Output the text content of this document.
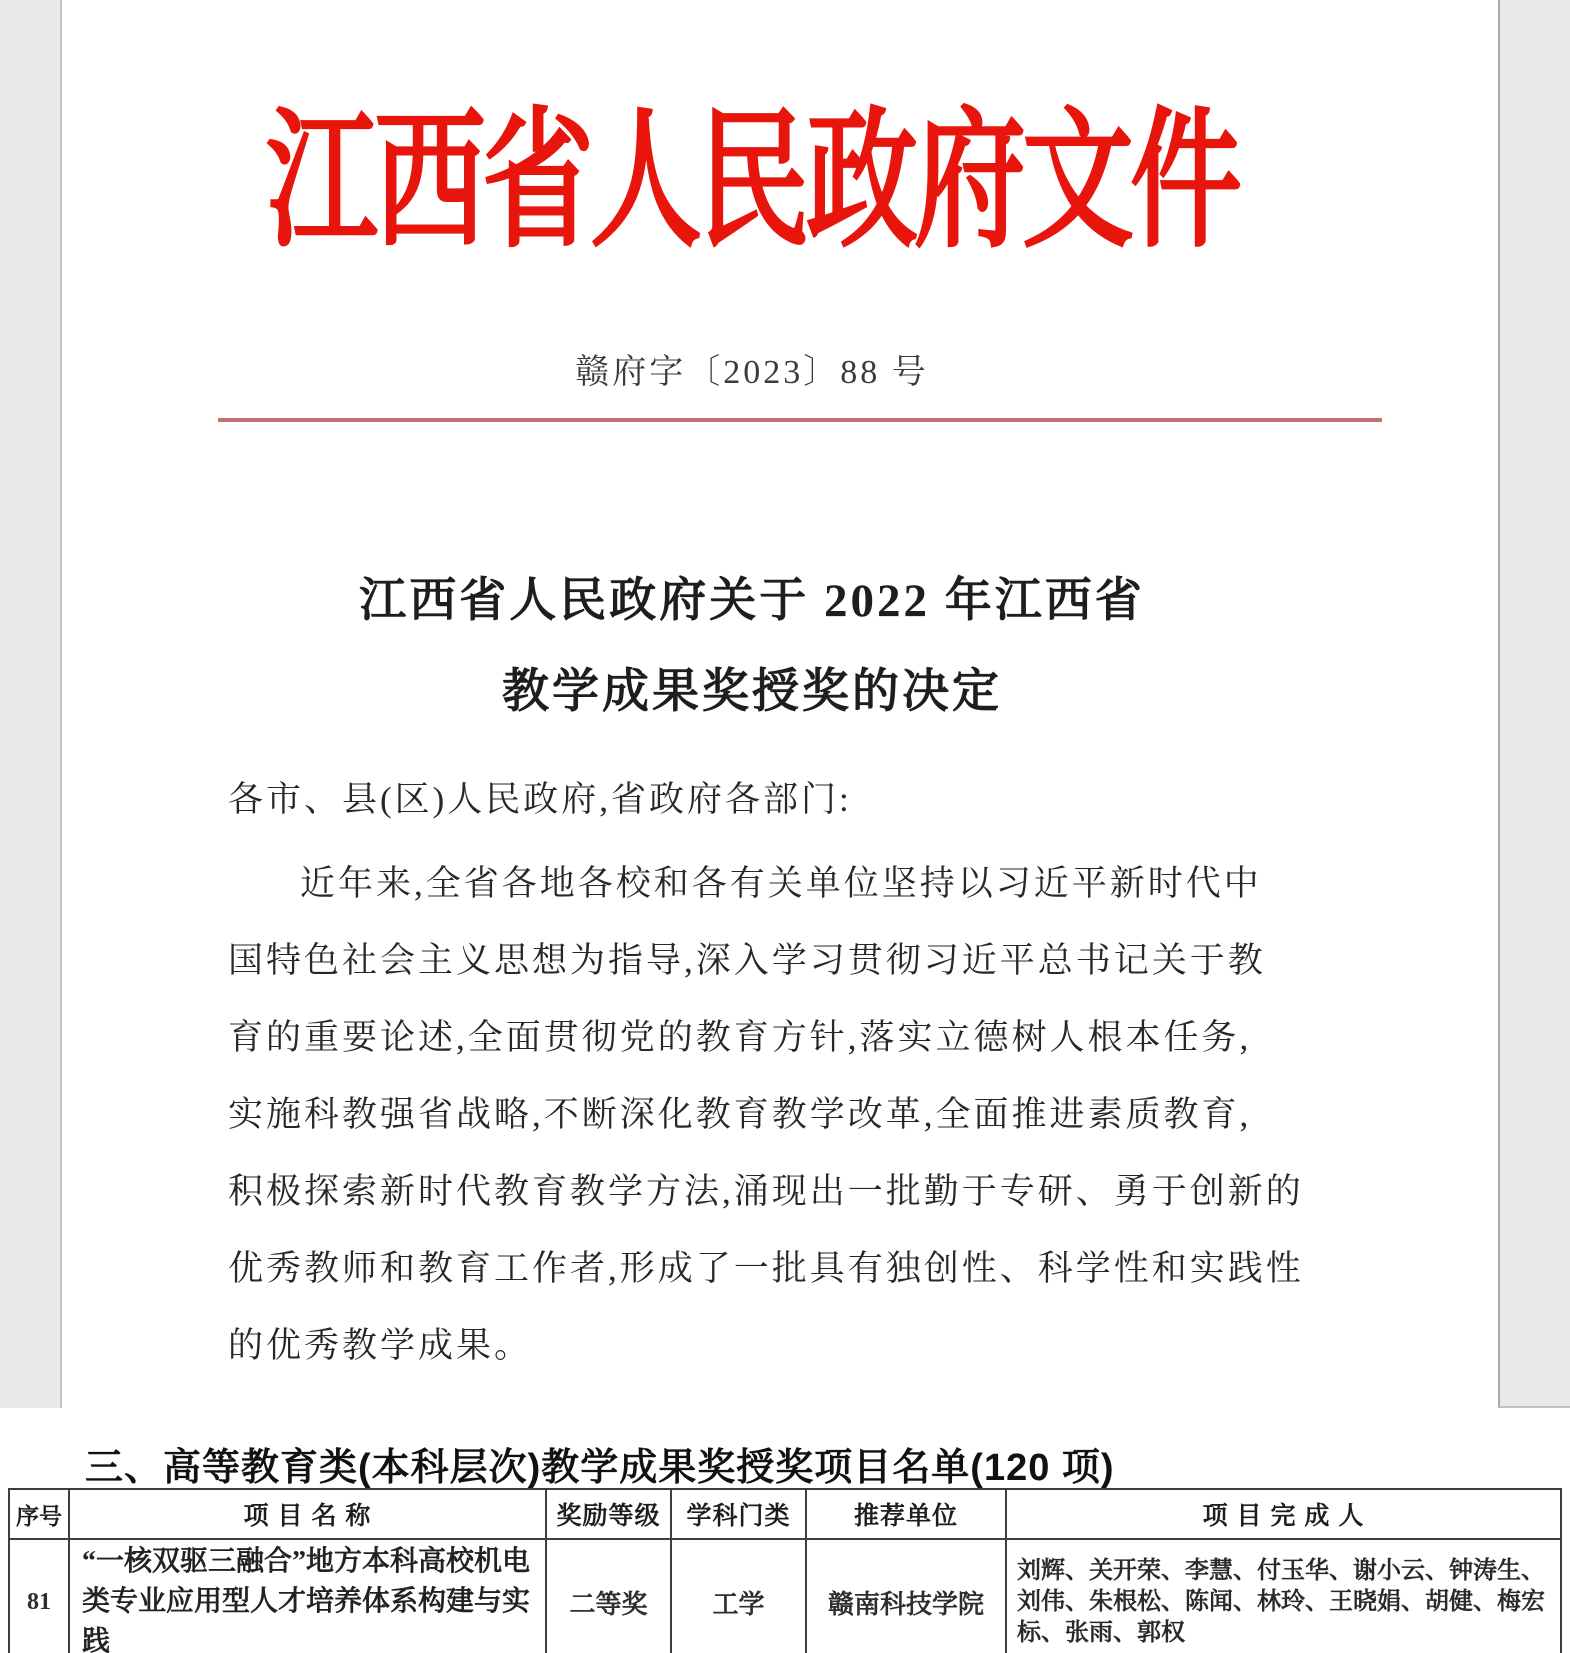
江西省人民政府文件
赣府字〔2023〕88 号
江西省人民政府关于 2022 年江西省
教学成果奖授奖的决定
各市、县(区)人民政府,省政府各部门:
近年来,全省各地各校和各有关单位坚持以习近平新时代中
国特色社会主义思想为指导,深入学习贯彻习近平总书记关于教
育的重要论述,全面贯彻党的教育方针,落实立德树人根本任务,
实施科教强省战略,不断深化教育教学改革,全面推进素质教育,
积极探索新时代教育教学方法,涌现出一批勤于专研、勇于创新的
优秀教师和教育工作者,形成了一批具有独创性、科学性和实践性
的优秀教学成果。
三、高等教育类(本科层次)教学成果奖授奖项目名单(120 项)
序号	项 目 名 称	奖励等级	学科门类	推荐单位	项 目 完 成 人
81	“一核双驱三融合”地方本科高校机电类专业应用型人才培养体系构建与实践	二等奖	工学	赣南科技学院	刘辉、关开荣、李慧、付玉华、谢小云、钟涛生、刘伟、朱根松、陈闻、林玲、王晓娟、胡健、梅宏标、张雨、郭权
